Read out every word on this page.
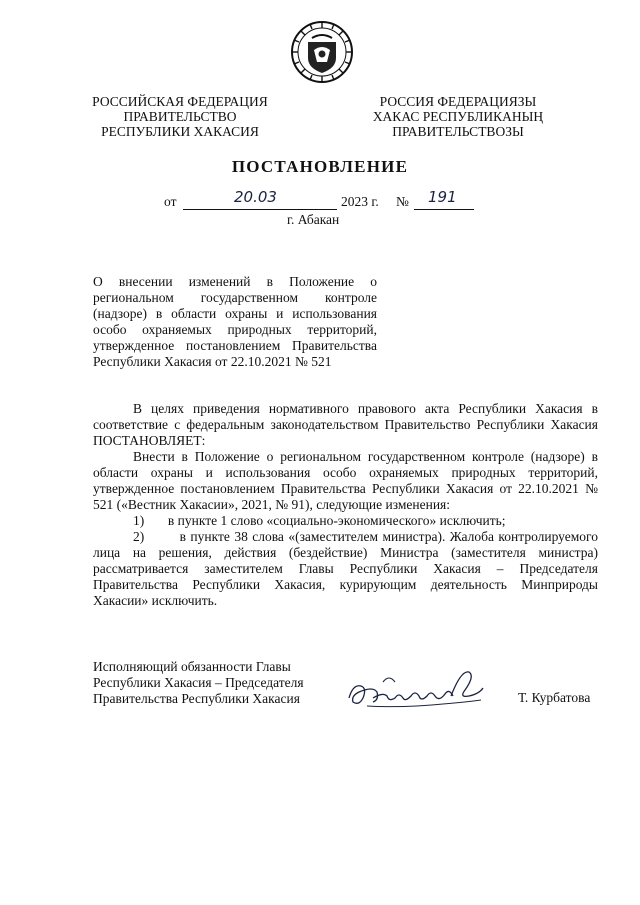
РОССИЙСКАЯ ФЕДЕРАЦИЯ
ПРАВИТЕЛЬСТВО
РЕСПУБЛИКИ ХАКАСИЯ
РОССИЯ ФЕДЕРАЦИЯЗЫ
ХАКАС РЕСПУБЛИКАНЫҢ
ПРАВИТЕЛЬСТВОЗЫ
ПОСТАНОВЛЕНИЕ
от	20.03	2023 г. № 191
г. Абакан
О внесении изменений в Положение о региональном государственном контроле (надзоре) в области охраны и использования особо охраняемых природных территорий, утвержденное постановлением Правительства Республики Хакасия от 22.10.2021 № 521

В целях приведения нормативного правового акта Республики Хакасия в соответствие с федеральным законодательством Правительство Республики Хакасия ПОСТАНОВЛЯЕТ:

Внести в Положение о региональном государственном контроле (надзоре) в области охраны и использования особо охраняемых природных территорий, утвержденное постановлением Правительства Республики Хакасия от 22.10.2021 № 521 («Вестник Хакасии», 2021, № 91), следующие изменения:

1) в пункте 1 слово «социально-экономического» исключить;

2)	в пункте 38 слова «(заместителем министра). Жалоба контролируемого лица на решения, действия (бездействие) Министра (заместителя министра) рассматривается заместителем Главы Республики Хакасия – Председателя Правительства Республики Хакасия, курирующим деятельность Минприроды Хакасии» исключить.

Исполняющий обязанности Главы
Республики Хакасия – Председателя
Правительства Республики Хакасия	Т. Курбатова
